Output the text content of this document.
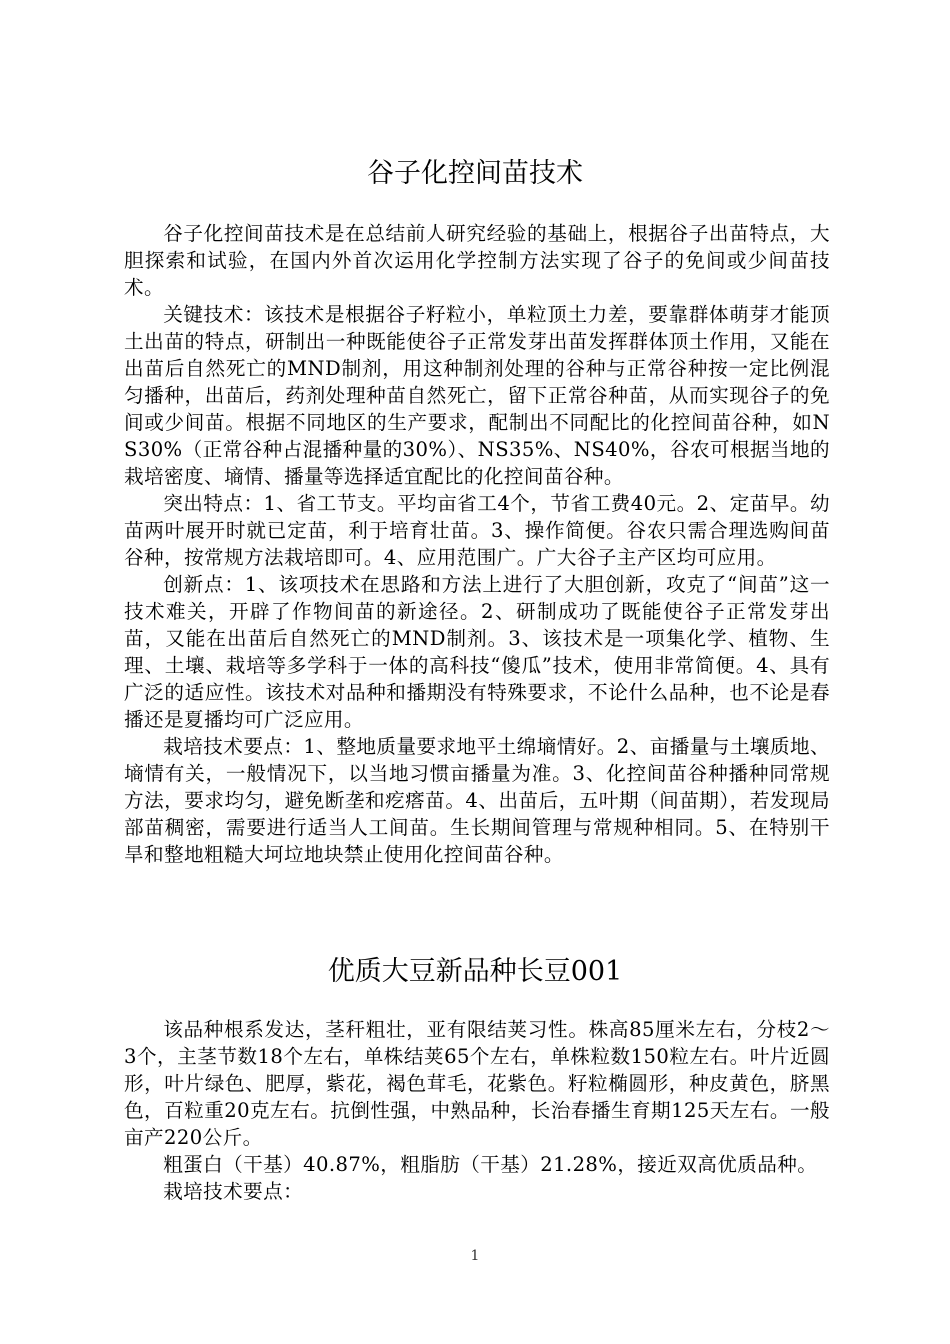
谷子化控间苗技术

谷子化控间苗技术是在总结前人研究经验的基础上，根据谷子出苗特点，大胆探索和试验，在国内外首次运用化学控制方法实现了谷子的免间或少间苗技术。

关键技术：该技术是根据谷子籽粒小，单粒顶土力差，要靠群体萌芽才能顶土出苗的特点，研制出一种既能使谷子正常发芽出苗发挥群体顶土作用，又能在出苗后自然死亡的MND制剂，用这种制剂处理的谷种与正常谷种按一定比例混匀播种，出苗后，药剂处理种苗自然死亡，留下正常谷种苗，从而实现谷子的免间或少间苗。根据不同地区的生产要求，配制出不同配比的化控间苗谷种，如NS30%（正常谷种占混播种量的30%）、NS35%、NS40%，谷农可根据当地的栽培密度、墒情、播量等选择适宜配比的化控间苗谷种。

突出特点：1、省工节支。平均亩省工4个，节省工费40元。2、定苗早。幼苗两叶展开时就已定苗，利于培育壮苗。3、操作简便。谷农只需合理选购间苗谷种，按常规方法栽培即可。4、应用范围广。广大谷子主产区均可应用。

创新点：1、该项技术在思路和方法上进行了大胆创新，攻克了“间苗”这一技术难关，开辟了作物间苗的新途径。2、研制成功了既能使谷子正常发芽出苗，又能在出苗后自然死亡的MND制剂。3、该技术是一项集化学、植物、生理、土壤、栽培等多学科于一体的高科技“傻瓜”技术，使用非常简便。4、具有广泛的适应性。该技术对品种和播期没有特殊要求，不论什么品种，也不论是春播还是夏播均可广泛应用。

栽培技术要点：1、整地质量要求地平土绵墒情好。2、亩播量与土壤质地、墒情有关，一般情况下，以当地习惯亩播量为准。3、化控间苗谷种播种同常规方法，要求均匀，避免断垄和疙瘩苗。4、出苗后，五叶期（间苗期），若发现局部苗稠密，需要进行适当人工间苗。生长期间管理与常规种相同。5、在特别干旱和整地粗糙大坷垃地块禁止使用化控间苗谷种。

优质大豆新品种长豆001

该品种根系发达，茎秆粗壮，亚有限结荚习性。株高85厘米左右，分枝2～3个，主茎节数18个左右，单株结荚65个左右，单株粒数150粒左右。叶片近圆形，叶片绿色、肥厚，紫花，褐色茸毛，花紫色。籽粒椭圆形，种皮黄色，脐黑色，百粒重20克左右。抗倒性强，中熟品种，长治春播生育期125天左右。一般亩产220公斤。

粗蛋白（干基）40.87%，粗脂肪（干基）21.28%，接近双高优质品种。

栽培技术要点：

1
